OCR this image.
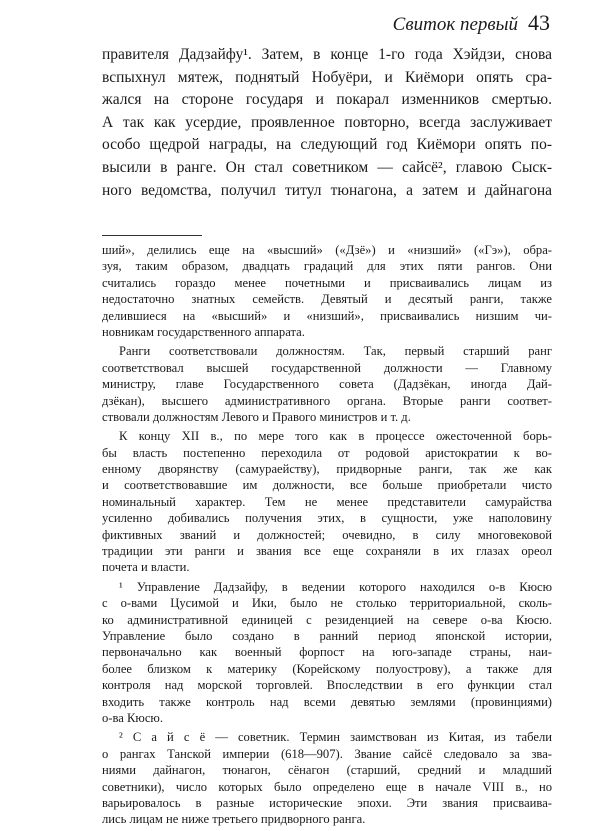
Свиток первый 43
правителя Дадзайфу¹. Затем, в конце 1-го года Хэйдзи, снова
вспыхнул мятеж, поднятый Нобуёри, и Киёмори опять сра-
жался на стороне государя и покарал изменников смертью.
А так как усердие, проявленное повторно, всегда заслуживает
особо щедрой награды, на следующий год Киёмори опять по-
высили в ранге. Он стал советником — сайсё², главою Сыск-
ного ведомства, получил титул тюнагона, а затем и дайнагона
ший», делились еще на «высший» («Дзё») и «низший» («Гэ»), обра-
зуя, таким образом, двадцать градаций для этих пяти рангов. Они
считались гораздо менее почетными и присваивались лицам из
недостаточно знатных семейств. Девятый и десятый ранги, также
делившиеся на «высший» и «низший», присваивались низшим чи-
новникам государственного аппарата.
Ранги соответствовали должностям. Так, первый старший ранг
соответствовал высшей государственной должности — Главному
министру, главе Государственного совета (Дадзёкан, иногда Дай-
дзёкан), высшего административного органа. Вторые ранги соответ-
ствовали должностям Левого и Правого министров и т. д.
К концу XII в., по мере того как в процессе ожесточенной борь-
бы власть постепенно переходила от родовой аристократии к во-
енному дворянству (самураейству), придворные ранги, так же как
и соответствовавшие им должности, все больше приобретали чисто
номинальный характер. Тем не менее представители самурайства
усиленно добивались получения этих, в сущности, уже наполовину
фиктивных званий и должностей; очевидно, в силу многовековой
традиции эти ранги и звания все еще сохраняли в их глазах ореол
почета и власти.
¹ Управление Дадзайфу, в ведении которого находился о-в Кюсю
с о-вами Цусимой и Ики, было не столько территориальной, сколь-
ко административной единицей с резиденцией на севере о-ва Кюсю.
Управление было создано в ранний период японской истории,
первоначально как военный форпост на юго-западе страны, наи-
более близком к материку (Корейскому полуострову), а также для
контроля над морской торговлей. Впоследствии в его функции стал
входить также контроль над всеми девятью землями (провинциями)
о-ва Кюсю.
² С а й с ё — советник. Термин заимствован из Китая, из табели
о рангах Танской империи (618—907). Звание сайсё следовало за зва-
ниями дайнагон, тюнагон, сёнагон (старший, средний и младший
советники), число которых было определено еще в начале VIII в., но
варьировалось в разные исторические эпохи. Эти звания присваива-
лись лицам не ниже третьего придворного ранга.
